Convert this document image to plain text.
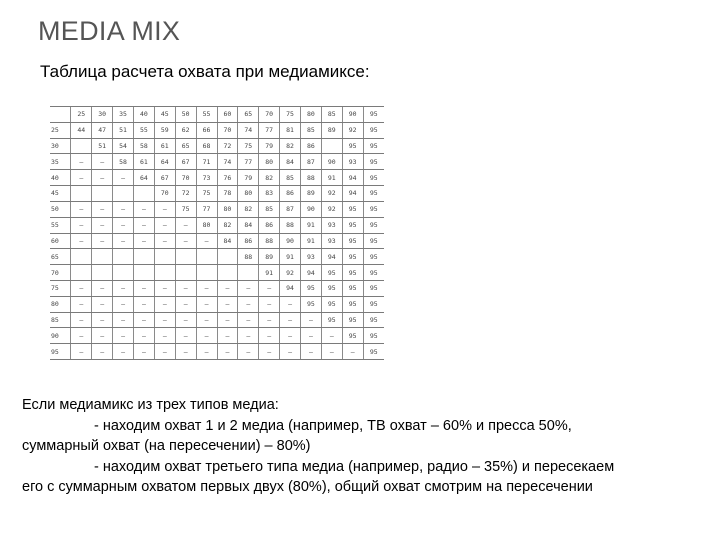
MEDIA MIX
Таблица расчета охвата при медиамиксе:
	25	30	35	40	45	50	55	60	65	70	75	80	85	90	95
25	44	47	51	55	59	62	66	70	74	77	81	85	89	92	95
30		51	54	58	61	65	68	72	75	79	82	86		95	95
35	—	—	58	61	64	67	71	74	77	80	84	87	90	93	95
40	—	—	—	64	67	70	73	76	79	82	85	88	91	94	95
45					70	72	75	78	80	83	86	89	92	94	95
50	—	—	—	—	—	75	77	80	82	85	87	90	92	95	95
55	—	—	—	—	—	—	80	82	84	86	88	91	93	95	95
60	—	—	—	—	—	—	—	84	86	88	90	91	93	95	95
65									88	89	91	93	94	95	95
70										91	92	94	95	95	95
75	—	—	—	—	—	—	—	—	—	—	94	95	95	95	95
80	—	—	—	—	—	—	—	—	—	—	—	95	95	95	95
85	—	—	—	—	—	—	—	—	—	—	—	—	95	95	95
90	—	—	—	—	—	—	—	—	—	—	—	—	—	95	95
95	—	—	—	—	—	—	—	—	—	—	—	—	—	—	95

Если медиамикс из трех типов медиа:

- находим охват 1 и 2 медиа (например, ТВ охват – 60% и пресса 50%,

суммарный охват (на пересечении) – 80%)

- находим охват третьего типа медиа (например, радио – 35%) и пересекаем

его с суммарным охватом первых двух (80%), общий охват смотрим на пересечении
